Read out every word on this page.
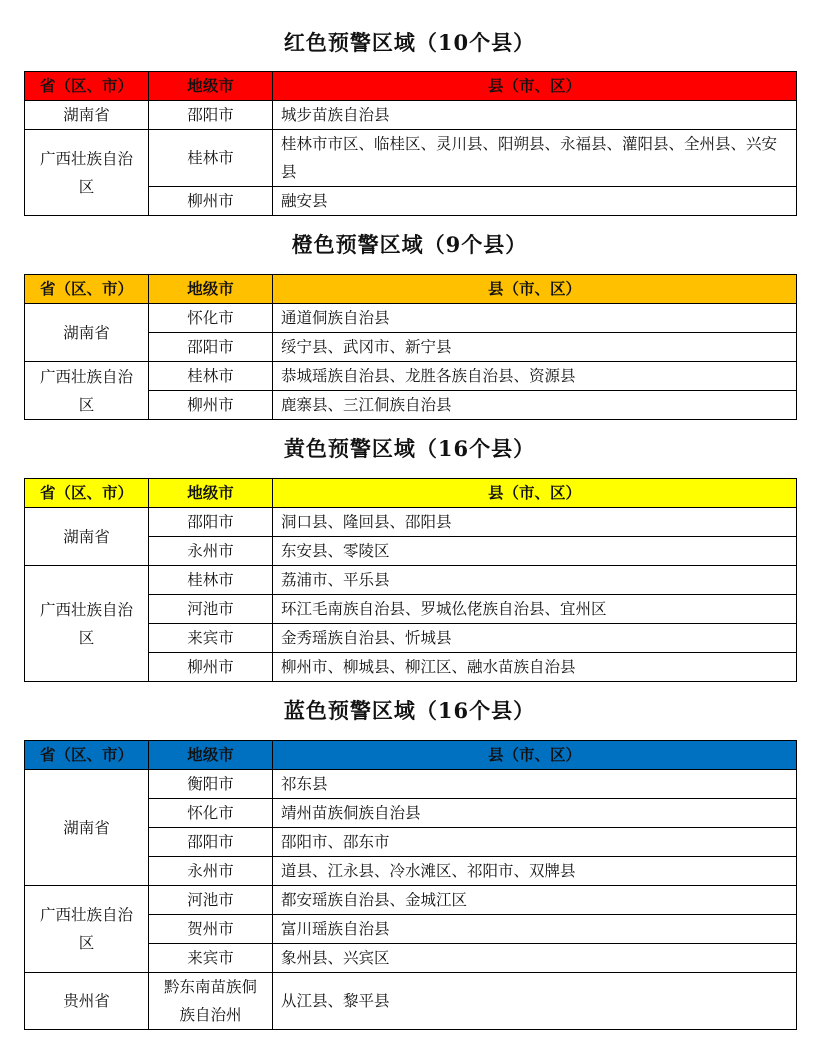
红色预警区域（10个县）
省（区、市）	地级市	县（市、区）
湖南省	邵阳市	城步苗族自治县
广西壮族自治区	桂林市	桂林市市区、临桂区、灵川县、阳朔县、永福县、灌阳县、全州县、兴安县
	柳州市	融安县
橙色预警区域（9个县）
省（区、市）	地级市	县（市、区）
湖南省	怀化市	通道侗族自治县
	邵阳市	绥宁县、武冈市、新宁县
广西壮族自治区	桂林市	恭城瑶族自治县、龙胜各族自治县、资源县
	柳州市	鹿寨县、三江侗族自治县
黄色预警区域（16个县）
省（区、市）	地级市	县（市、区）
湖南省	邵阳市	洞口县、隆回县、邵阳县
	永州市	东安县、零陵区
广西壮族自治区	桂林市	荔浦市、平乐县
	河池市	环江毛南族自治县、罗城仫佬族自治县、宜州区
	来宾市	金秀瑶族自治县、忻城县
	柳州市	柳州市、柳城县、柳江区、融水苗族自治县
蓝色预警区域（16个县）
省（区、市）	地级市	县（市、区）
湖南省	衡阳市	祁东县
	怀化市	靖州苗族侗族自治县
	邵阳市	邵阳市、邵东市
	永州市	道县、江永县、冷水滩区、祁阳市、双牌县
广西壮族自治区	河池市	都安瑶族自治县、金城江区
	贺州市	富川瑶族自治县
	来宾市	象州县、兴宾区
贵州省	黔东南苗族侗族自治州	从江县、黎平县
